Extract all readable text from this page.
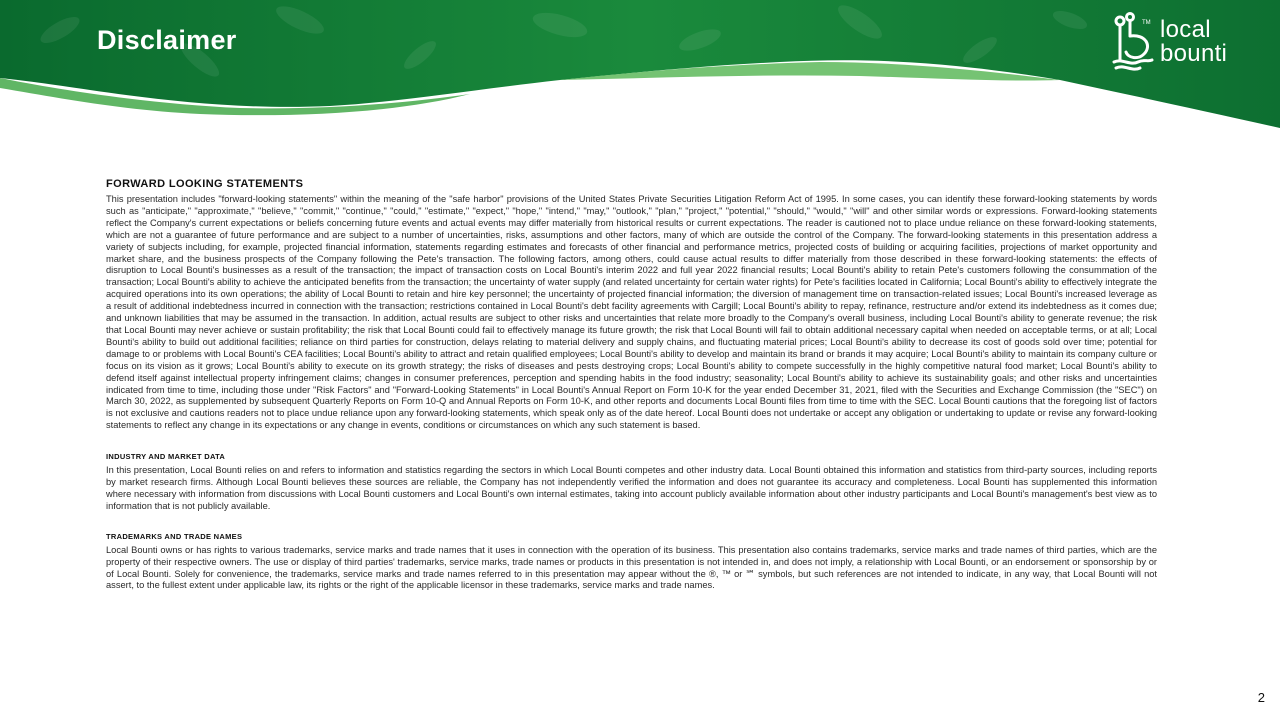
Disclaimer
TM local
bounti
FORWARD LOOKING STATEMENTS

This presentation includes "forward-looking statements" within the meaning of the "safe harbor" provisions of the United States Private Securities Litigation Reform Act of 1995. In some cases, you can identify these forward-looking statements by words such as "anticipate," "approximate," "believe," "commit," "continue," "could," "estimate," "expect," "hope," "intend," "may," "outlook," "plan," "project," "potential," "should," "would," "will" and other similar words or expressions. Forward-looking statements reflect the Company's current expectations or beliefs concerning future events and actual events may differ materially from historical results or current expectations. The reader is cautioned not to place undue reliance on these forward-looking statements, which are not a guarantee of future performance and are subject to a number of uncertainties, risks, assumptions and other factors, many of which are outside the control of the Company. The forward-looking statements in this presentation address a variety of subjects including, for example, projected financial information, statements regarding estimates and forecasts of other financial and performance metrics, projected costs of building or acquiring facilities, projections of market opportunity and market share, and the business prospects of the Company following the Pete's transaction. The following factors, among others, could cause actual results to differ materially from those described in these forward-looking statements: the effects of disruption to Local Bounti's businesses as a result of the transaction; the impact of transaction costs on Local Bounti's interim 2022 and full year 2022 financial results; Local Bounti's ability to retain Pete's customers following the consummation of the transaction; Local Bounti's ability to achieve the anticipated benefits from the transaction; the uncertainty of water supply (and related uncertainty for certain water rights) for Pete's facilities located in California; Local Bounti's ability to effectively integrate the acquired operations into its own operations; the ability of Local Bounti to retain and hire key personnel; the uncertainty of projected financial information; the diversion of management time on transaction-related issues; Local Bounti's increased leverage as a result of additional indebtedness incurred in connection with the transaction; restrictions contained in Local Bounti's debt facility agreements with Cargill; Local Bounti's ability to repay, refinance, restructure and/or extend its indebtedness as it comes due; and unknown liabilities that may be assumed in the transaction. In addition, actual results are subject to other risks and uncertainties that relate more broadly to the Company's overall business, including Local Bounti's ability to generate revenue; the risk that Local Bounti may never achieve or sustain profitability; the risk that Local Bounti could fail to effectively manage its future growth; the risk that Local Bounti will fail to obtain additional necessary capital when needed on acceptable terms, or at all; Local Bounti's ability to build out additional facilities; reliance on third parties for construction, delays relating to material delivery and supply chains, and fluctuating material prices; Local Bounti's ability to decrease its cost of goods sold over time; potential for damage to or problems with Local Bounti's CEA facilities; Local Bounti's ability to attract and retain qualified employees; Local Bounti's ability to develop and maintain its brand or brands it may acquire; Local Bounti's ability to maintain its company culture or focus on its vision as it grows; Local Bounti's ability to execute on its growth strategy; the risks of diseases and pests destroying crops; Local Bounti's ability to compete successfully in the highly competitive natural food market; Local Bounti's ability to defend itself against intellectual property infringement claims; changes in consumer preferences, perception and spending habits in the food industry; seasonality; Local Bounti's ability to achieve its sustainability goals; and other risks and uncertainties indicated from time to time, including those under "Risk Factors" and "Forward-Looking Statements" in Local Bounti's Annual Report on Form 10-K for the year ended December 31, 2021, filed with the Securities and Exchange Commission (the "SEC") on March 30, 2022, as supplemented by subsequent Quarterly Reports on Form 10-Q and Annual Reports on Form 10-K, and other reports and documents Local Bounti files from time to time with the SEC. Local Bounti cautions that the foregoing list of factors is not exclusive and cautions readers not to place undue reliance upon any forward-looking statements, which speak only as of the date hereof. Local Bounti does not undertake or accept any obligation or undertaking to update or revise any forward-looking statements to reflect any change in its expectations or any change in events, conditions or circumstances on which any such statement is based.

INDUSTRY AND MARKET DATA

In this presentation, Local Bounti relies on and refers to information and statistics regarding the sectors in which Local Bounti competes and other industry data. Local Bounti obtained this information and statistics from third-party sources, including reports by market research firms. Although Local Bounti believes these sources are reliable, the Company has not independently verified the information and does not guarantee its accuracy and completeness. Local Bounti has supplemented this information where necessary with information from discussions with Local Bounti customers and Local Bounti's own internal estimates, taking into account publicly available information about other industry participants and Local Bounti's management's best view as to information that is not publicly available.

TRADEMARKS AND TRADE NAMES

Local Bounti owns or has rights to various trademarks, service marks and trade names that it uses in connection with the operation of its business. This presentation also contains trademarks, service marks and trade names of third parties, which are the property of their respective owners. The use or display of third parties' trademarks, service marks, trade names or products in this presentation is not intended in, and does not imply, a relationship with Local Bounti, or an endorsement or sponsorship by or of Local Bounti. Solely for convenience, the trademarks, service marks and trade names referred to in this presentation may appear without the ®, ™ or ℠ symbols, but such references are not intended to indicate, in any way, that Local Bounti will not assert, to the fullest extent under applicable law, its rights or the right of the applicable licensor in these trademarks, service marks and trade names.

2
